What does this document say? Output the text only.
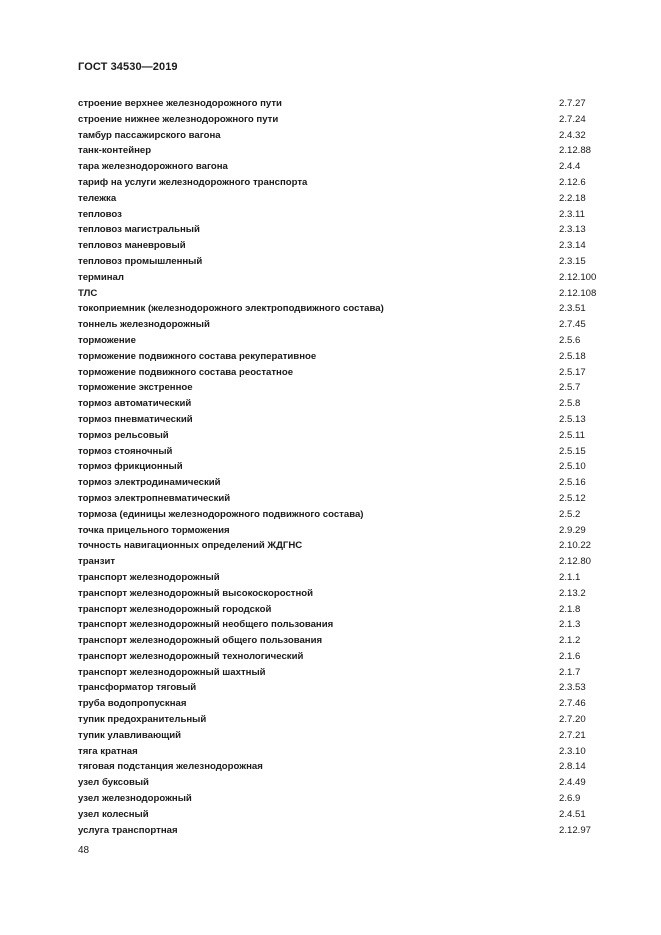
ГОСТ 34530—2019
строение верхнее железнодорожного пути	2.7.27
строение нижнее железнодорожного пути	2.7.24
тамбур пассажирского вагона	2.4.32
танк-контейнер	2.12.88
тара железнодорожного вагона	2.4.4
тариф на услуги железнодорожного транспорта	2.12.6
тележка	2.2.18
тепловоз	2.3.11
тепловоз магистральный	2.3.13
тепловоз маневровый	2.3.14
тепловоз промышленный	2.3.15
терминал	2.12.100
ТЛС	2.12.108
токоприемник (железнодорожного электроподвижного состава)	2.3.51
тоннель железнодорожный	2.7.45
торможение	2.5.6
торможение подвижного состава рекуперативное	2.5.18
торможение подвижного состава реостатное	2.5.17
торможение экстренное	2.5.7
тормоз автоматический	2.5.8
тормоз пневматический	2.5.13
тормоз рельсовый	2.5.11
тормоз стояночный	2.5.15
тормоз фрикционный	2.5.10
тормоз электродинамический	2.5.16
тормоз электропневматический	2.5.12
тормоза (единицы железнодорожного подвижного состава)	2.5.2
точка прицельного торможения	2.9.29
точность навигационных определений ЖДГНС	2.10.22
транзит	2.12.80
транспорт железнодорожный	2.1.1
транспорт железнодорожный высокоскоростной	2.13.2
транспорт железнодорожный городской	2.1.8
транспорт железнодорожный необщего пользования	2.1.3
транспорт железнодорожный общего пользования	2.1.2
транспорт железнодорожный технологический	2.1.6
транспорт железнодорожный шахтный	2.1.7
трансформатор тяговый	2.3.53
труба водопропускная	2.7.46
тупик предохранительный	2.7.20
тупик улавливающий	2.7.21
тяга кратная	2.3.10
тяговая подстанция железнодорожная	2.8.14
узел буксовый	2.4.49
узел железнодорожный	2.6.9
узел колесный	2.4.51
услуга транспортная	2.12.97
48
